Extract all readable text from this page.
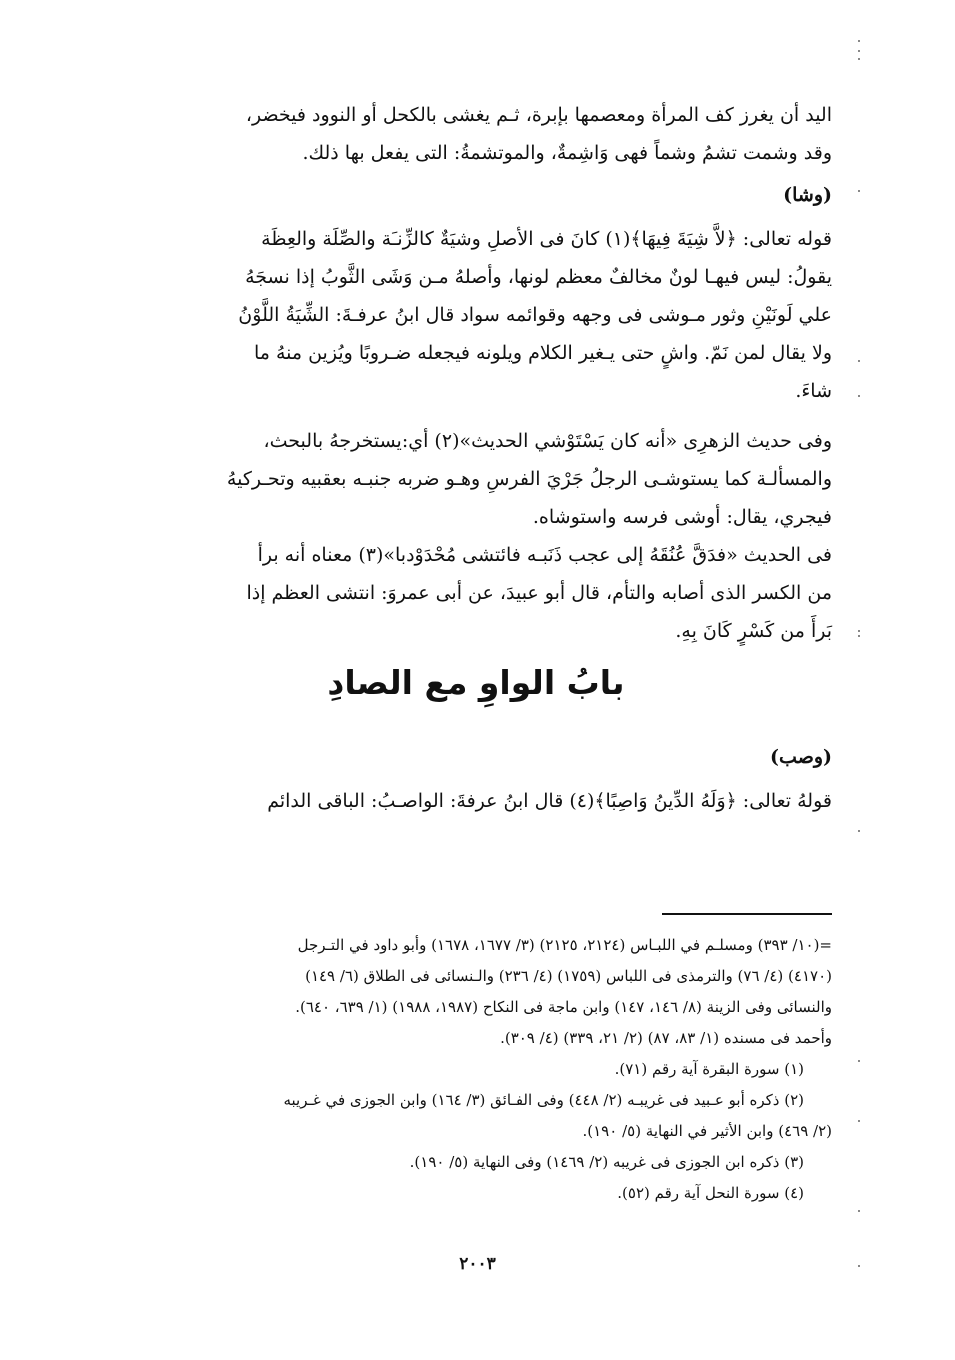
اليد أن يغرز كف المرأة ومعصمها بإبرة، ثـم يغشى بالكحل أو النوود فيخضر،

وقد وشمت تشمُ وشماً فهى وَاشِمةٌ، والموتشمةُ: التى يفعل بها ذلك.

(وشا)

قوله تعالى: ﴿لاَّ شِيَةَ فِيهَا﴾(١) كانَ فى الأصلِ وشيَةٌ كالزِّنـَة والصِّلَة والعِظَة

يقولُ: ليس فيهـا لونٌ مخالفٌ معظم لونها، وأصلهُ مـن وَشَى الثَّوبُ إذا نسجَهُ

علي لَونَيْنِ وثور مـوشى فى وجهه وقوائمه سواد قال ابنُ عرفـةَ: الشِّيَةُ اللَّوْنُ

ولا يقال لمن نَمّ. واشٍ حتى يـغير الكلام ويلونه فيجعله ضـروبًا ويُزين منهُ ما

شاءَ.

وفى حديث الزهرِى «أنه كان يَسْتَوْشي الحديث»(٢) أي:يستخرجهُ بالبحث،

والمسألـة كما يستوشـى الرجلُ جَرْيَ الفرسِ وهـو ضربه جنبـه بعقبيه وتحـركيهُ

فيجري، يقال: أوشى فرسه واستوشاه.

فى الحديث «فدَقَّ عُنُقَهُ إلى عجب ذَنَبـه فائتشى مُحْدَوْدبا»(٣) معناه أنه برأ

من الكسر الذى أصابه والتأم، قال أبو عبيدَ، عن أبى عمروَ: انتشى العظم إذا

بَرأَ من كَسْرٍ كَانَ بِهِ.

بابُ الواوِ مع الصادِ

(وصب)

قولهُ تعالى: ﴿وَلَهُ الدِّينُ وَاصِبًا﴾(٤) قال ابنُ عرفةَ: الواصـبُ: الباقى الدائم

=(١٠/ ٣٩٣) ومسلـم في اللبـاس (٢١٢٤، ٢١٢٥) (٣/ ١٦٧٧، ١٦٧٨) وأبو داود في التـرجل

(٤١٧٠) (٤/ ٧٦) والترمذى فى اللباس (١٧٥٩) (٤/ ٢٣٦) والـنسائى فى الطلاق (٦/ ١٤٩)

والنسائى وفى الزينة (٨/ ١٤٦، ١٤٧) وابن ماجة فى النكاح (١٩٨٧، ١٩٨٨) (١/ ٦٣٩، ٦٤٠).

وأحمد فى مسنده (١/ ٨٣، ٨٧) (٢/ ٢١، ٣٣٩) (٤/ ٣٠٩).

(١) سورة البقرة آية رقم (٧١).

(٢) ذكره أبو عـبيد فى غريبـه (٢/ ٤٤٨) وفى الفـائق (٣/ ١٦٤) وابن الجوزى في غـريبه

(٢/ ٤٦٩) وابن الأثير في النهاية (٥/ ١٩٠).

(٣) ذكره ابن الجوزى فى غريبه (٢/ ١٤٦٩) وفى النهاية (٥/ ١٩٠).

(٤) سورة النحل آية رقم (٥٢).

٢٠٠٣
